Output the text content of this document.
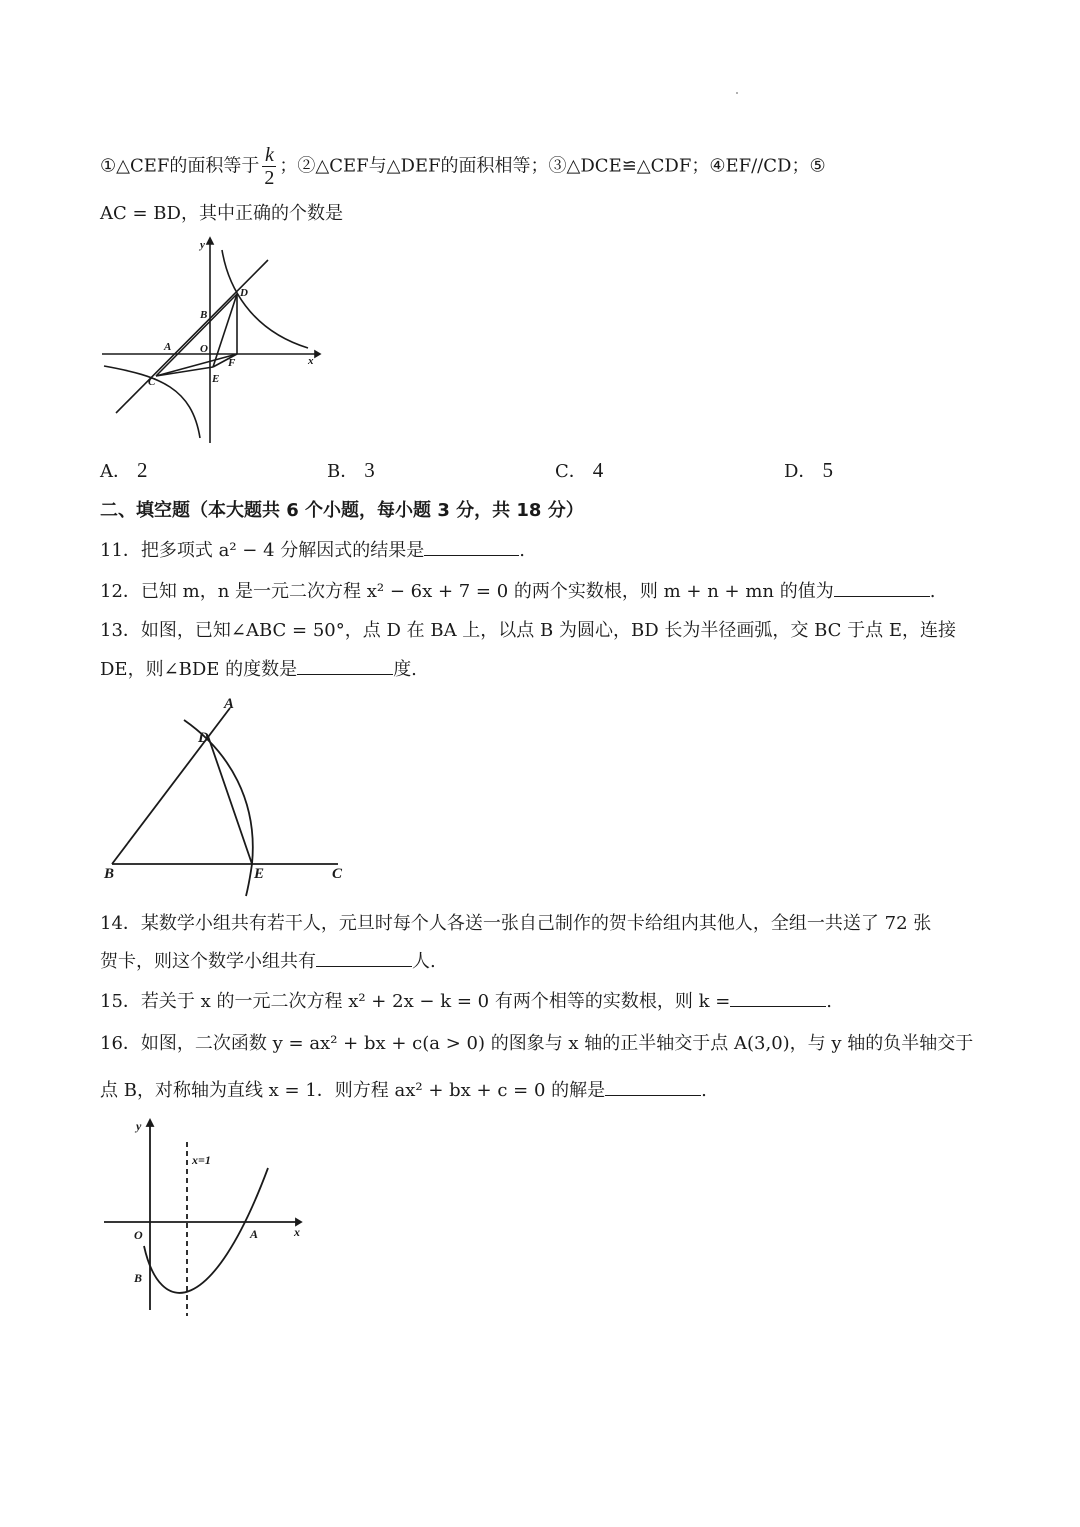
①△CEF的面积等于 $\frac{k}{2}$ ；②△CEF与△DEF的面积相等；③△DCE≌△CDF；④EF//CD；⑤
AC = BD，其中正确的个数是
y
x
A
B
O
D
F
C	E
A． 2	B． 3	C． 4	D． 5
二、填空题（本大题共 6 个小题，每小题 3 分，共 18 分）
11．把多项式 a² − 4 分解因式的结果是	.
12．已知 m，n 是一元二次方程 x² − 6x + 7 = 0 的两个实数根，则 m + n + mn 的值为	.
13．如图，已知∠ABC = 50°，点 D 在 BA 上，以点 B 为圆心，BD 长为半径画弧，交 BC 于点 E，连接
DE，则∠BDE 的度数是	度.
A
D
B	E	C
14．某数学小组共有若干人，元旦时每个人各送一张自己制作的贺卡给组内其他人，全组一共送了 72 张
贺卡，则这个数学小组共有	人.
15．若关于 x 的一元二次方程 x² + 2x − k = 0 有两个相等的实数根，则 k =	.
16．如图，二次函数 y = ax² + bx + c(a > 0) 的图象与 x 轴的正半轴交于点 A(3,0)，与 y 轴的负半轴交于
点 B，对称轴为直线 x = 1．则方程 ax² + bx + c = 0 的解是	.
y
x
O	A
B
x=1
